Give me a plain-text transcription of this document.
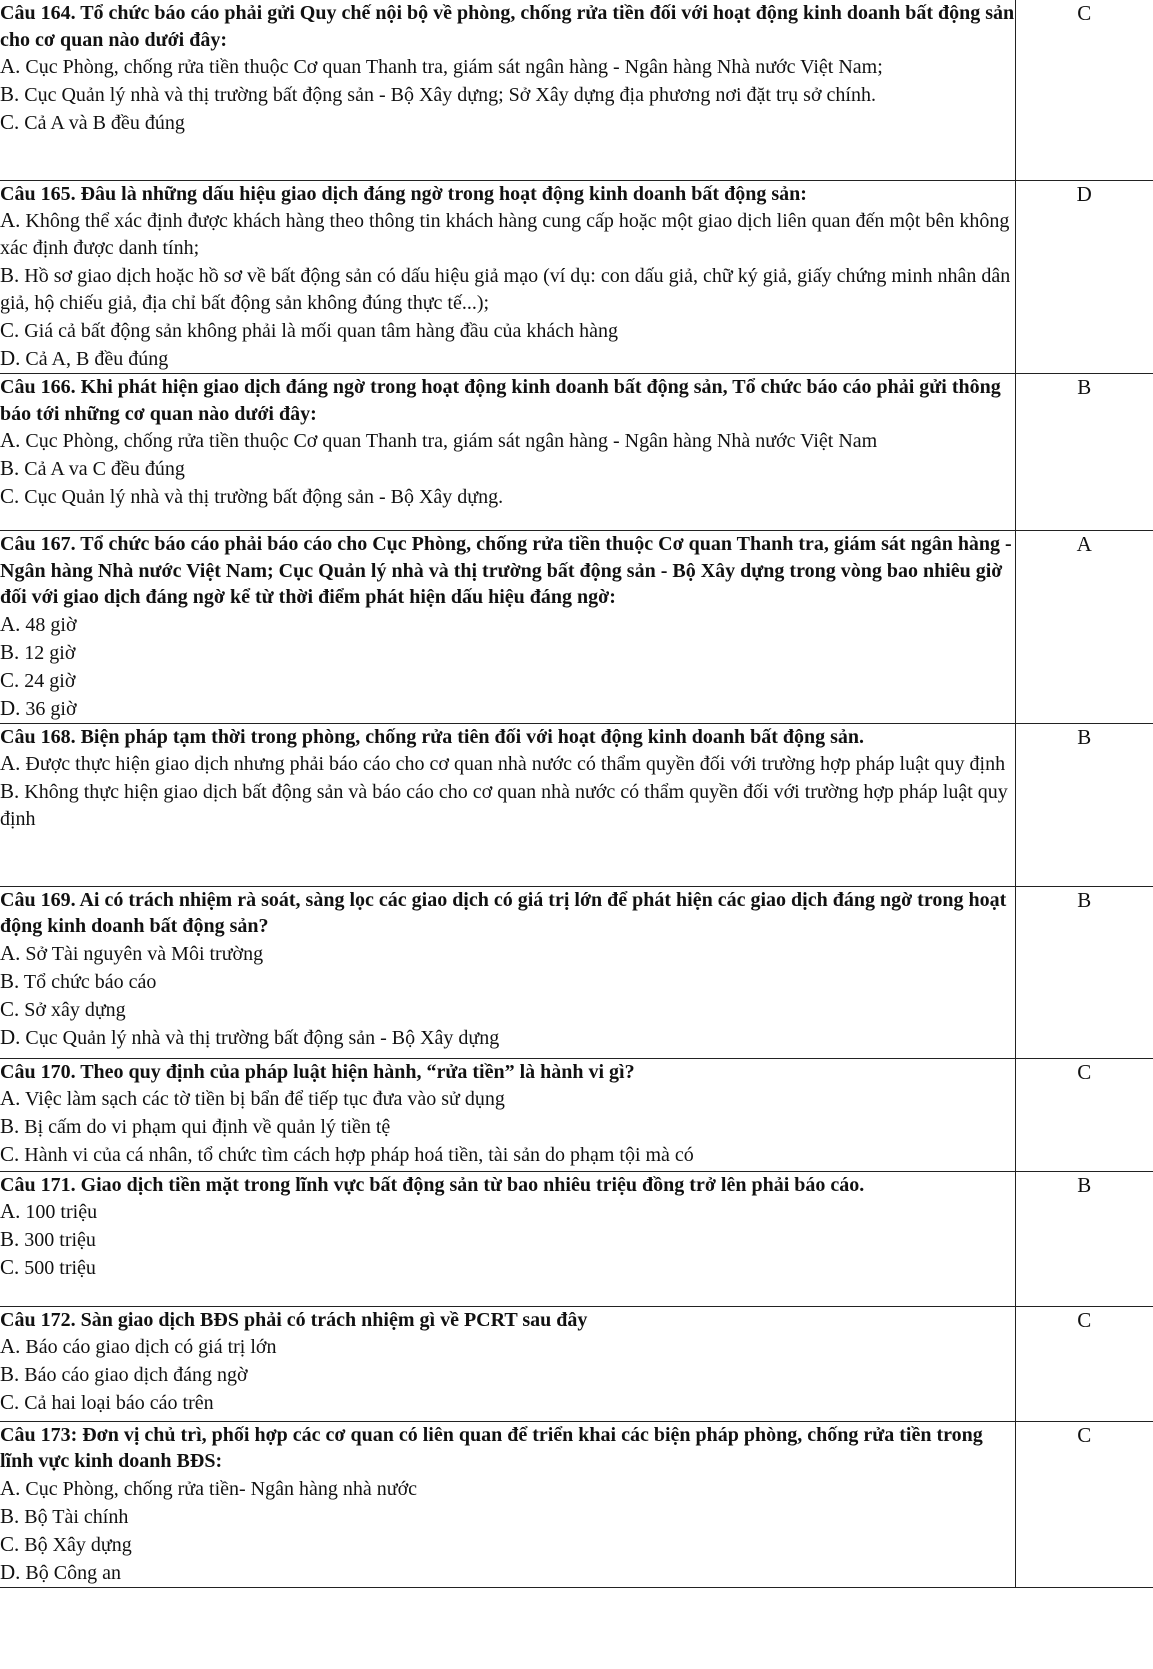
Câu 164. Tổ chức báo cáo phải gửi Quy chế nội bộ về phòng, chống rửa tiền đối với hoạt động kinh doanh bất động sản cho cơ quan nào dưới đây:
A. Cục Phòng, chống rửa tiền thuộc Cơ quan Thanh tra, giám sát ngân hàng - Ngân hàng Nhà nước Việt Nam;
B. Cục Quản lý nhà và thị trường bất động sản - Bộ Xây dựng; Sở Xây dựng địa phương nơi đặt trụ sở chính.
C. Cả A và B đều đúng	C

Câu 165. Đâu là những dấu hiệu giao dịch đáng ngờ trong hoạt động kinh doanh bất động sản:
A. Không thể xác định được khách hàng theo thông tin khách hàng cung cấp hoặc một giao dịch liên quan đến một bên không xác định được danh tính;
B. Hồ sơ giao dịch hoặc hồ sơ về bất động sản có dấu hiệu giả mạo (ví dụ: con dấu giả, chữ ký giả, giấy chứng minh nhân dân giả, hộ chiếu giả, địa chỉ bất động sản không đúng thực tế...);
C. Giá cả bất động sản không phải là mối quan tâm hàng đầu của khách hàng
D. Cả A, B đều đúng	D

Câu 166. Khi phát hiện giao dịch đáng ngờ trong hoạt động kinh doanh bất động sản, Tổ chức báo cáo phải gửi thông báo tới những cơ quan nào dưới đây:
A. Cục Phòng, chống rửa tiền thuộc Cơ quan Thanh tra, giám sát ngân hàng - Ngân hàng Nhà nước Việt Nam
B. Cả A va C đều đúng
C. Cục Quản lý nhà và thị trường bất động sản - Bộ Xây dựng.	B

Câu 167. Tổ chức báo cáo phải báo cáo cho Cục Phòng, chống rửa tiền thuộc Cơ quan Thanh tra, giám sát ngân hàng - Ngân hàng Nhà nước Việt Nam; Cục Quản lý nhà và thị trường bất động sản - Bộ Xây dựng trong vòng bao nhiêu giờ đối với giao dịch đáng ngờ kể từ thời điểm phát hiện dấu hiệu đáng ngờ:
A. 48 giờ
B. 12 giờ
C. 24 giờ
D. 36 giờ	A

Câu 168. Biện pháp tạm thời trong phòng, chống rửa tiên đối với hoạt động kinh doanh bất động sản.
A. Được thực hiện giao dịch nhưng phải báo cáo cho cơ quan nhà nước có thẩm quyền đối với trường hợp pháp luật quy định
B. Không thực hiện giao dịch bất động sản và báo cáo cho cơ quan nhà nước có thẩm quyền đối với trường hợp pháp luật quy định	B

Câu 169. Ai có trách nhiệm rà soát, sàng lọc các giao dịch có giá trị lớn để phát hiện các giao dịch đáng ngờ trong hoạt động kinh doanh bất động sản?
A. Sở Tài nguyên và Môi trường
B. Tổ chức báo cáo
C. Sở xây dựng
D. Cục Quản lý nhà và thị trường bất động sản - Bộ Xây dựng	B

Câu 170. Theo quy định của pháp luật hiện hành, “rửa tiền” là hành vi gì?
A. Việc làm sạch các tờ tiền bị bẩn để tiếp tục đưa vào sử dụng
B. Bị cấm do vi phạm qui định về quản lý tiền tệ
C. Hành vi của cá nhân, tổ chức tìm cách hợp pháp hoá tiền, tài sản do phạm tội mà có	C

Câu 171. Giao dịch tiền mặt trong lĩnh vực bất động sản từ bao nhiêu triệu đồng trở lên phải báo cáo.
A. 100 triệu
B. 300 triệu
C. 500 triệu	B

Câu 172. Sàn giao dịch BĐS phải có trách nhiệm gì về PCRT sau đây
A. Báo cáo giao dịch có giá trị lớn
B. Báo cáo giao dịch đáng ngờ
C. Cả hai loại báo cáo trên	C

Câu 173: Đơn vị chủ trì, phối hợp các cơ quan có liên quan để triển khai các biện pháp phòng, chống rửa tiền trong lĩnh vực kinh doanh BĐS:
A. Cục Phòng, chống rửa tiền- Ngân hàng nhà nước
B. Bộ Tài chính
C. Bộ Xây dựng
D. Bộ Công an	C
